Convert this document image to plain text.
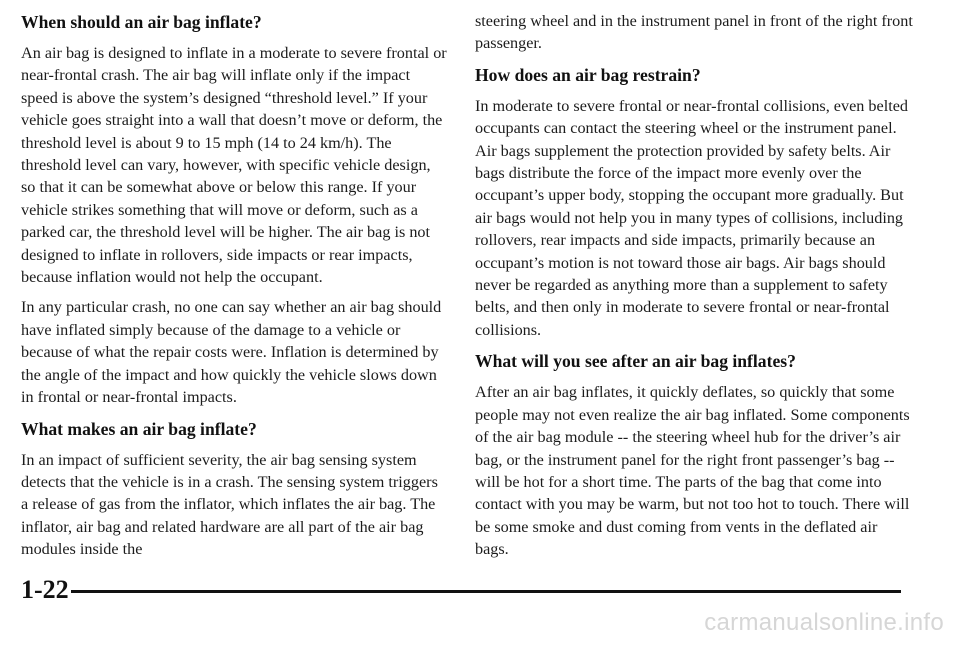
When should an air bag inflate?

An air bag is designed to inflate in a moderate to severe frontal or near-frontal crash. The air bag will inflate only if the impact speed is above the system’s designed “threshold level.” If your vehicle goes straight into a wall that doesn’t move or deform, the threshold level is about 9 to 15 mph (14 to 24 km/h). The threshold level can vary, however, with specific vehicle design, so that it can be somewhat above or below this range. If your vehicle strikes something that will move or deform, such as a parked car, the threshold level will be higher. The air bag is not designed to inflate in rollovers, side impacts or rear impacts, because inflation would not help the occupant.

In any particular crash, no one can say whether an air bag should have inflated simply because of the damage to a vehicle or because of what the repair costs were. Inflation is determined by the angle of the impact and how quickly the vehicle slows down in frontal or near-frontal impacts.

What makes an air bag inflate?

In an impact of sufficient severity, the air bag sensing system detects that the vehicle is in a crash. The sensing system triggers a release of gas from the inflator, which inflates the air bag. The inflator, air bag and related hardware are all part of the air bag modules inside the

steering wheel and in the instrument panel in front of the right front passenger.

How does an air bag restrain?

In moderate to severe frontal or near-frontal collisions, even belted occupants can contact the steering wheel or the instrument panel. Air bags supplement the protection provided by safety belts. Air bags distribute the force of the impact more evenly over the occupant’s upper body, stopping the occupant more gradually. But air bags would not help you in many types of collisions, including rollovers, rear impacts and side impacts, primarily because an occupant’s motion is not toward those air bags. Air bags should never be regarded as anything more than a supplement to safety belts, and then only in moderate to severe frontal or near-frontal collisions.

What will you see after an air bag inflates?

After an air bag inflates, it quickly deflates, so quickly that some people may not even realize the air bag inflated. Some components of the air bag module -- the steering wheel hub for the driver’s air bag, or the instrument panel for the right front passenger’s bag -- will be hot for a short time. The parts of the bag that come into contact with you may be warm, but not too hot to touch. There will be some smoke and dust coming from vents in the deflated air bags.

1-22
carmanualsonline.info
